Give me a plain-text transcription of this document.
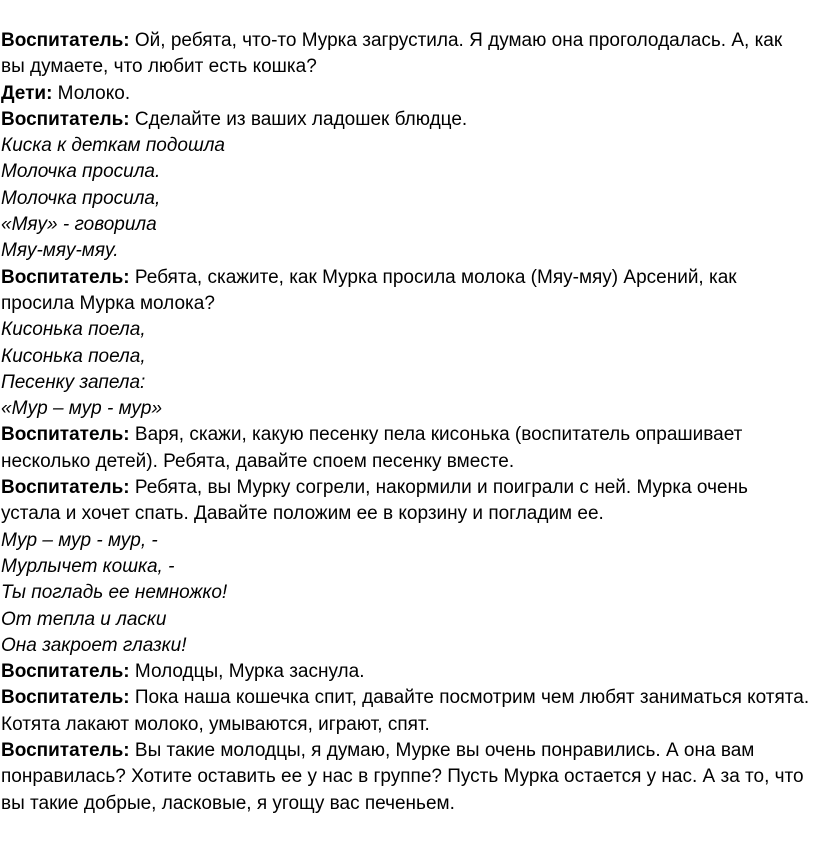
Воспитатель: Ой, ребята, что-то Мурка загрустила. Я думаю она проголодалась. А, как вы думаете, что любит есть кошка?

Дети: Молоко.

Воспитатель: Сделайте из ваших ладошек блюдце.

Киска к деткам подошла

Молочка просила.

Молочка просила,

«Мяу» - говорила

Мяу-мяу-мяу.

Воспитатель: Ребята, скажите, как Мурка просила молока (Мяу-мяу) Арсений, как просила Мурка молока?

Кисонька поела,

Кисонька поела,

Песенку запела:

«Мур – мур - мур»

Воспитатель: Варя, скажи, какую песенку пела кисонька (воспитатель опрашивает несколько детей). Ребята, давайте споем песенку вместе.

Воспитатель: Ребята, вы Мурку согрели, накормили и поиграли с ней. Мурка очень устала и хочет спать. Давайте положим ее в корзину и погладим ее.

Мур – мур - мур, -

Мурлычет кошка, -

Ты погладь ее немножко!

От тепла и ласки

Она закроет глазки!

Воспитатель: Молодцы, Мурка заснула.

Воспитатель: Пока наша кошечка спит, давайте посмотрим чем любят заниматься котята. Котята лакают молоко, умываются, играют, спят.

Воспитатель: Вы такие молодцы, я думаю, Мурке вы очень понравились. А она вам понравилась? Хотите оставить ее у нас в группе? Пусть Мурка остается у нас. А за то, что вы такие добрые, ласковые, я угощу вас печеньем.
